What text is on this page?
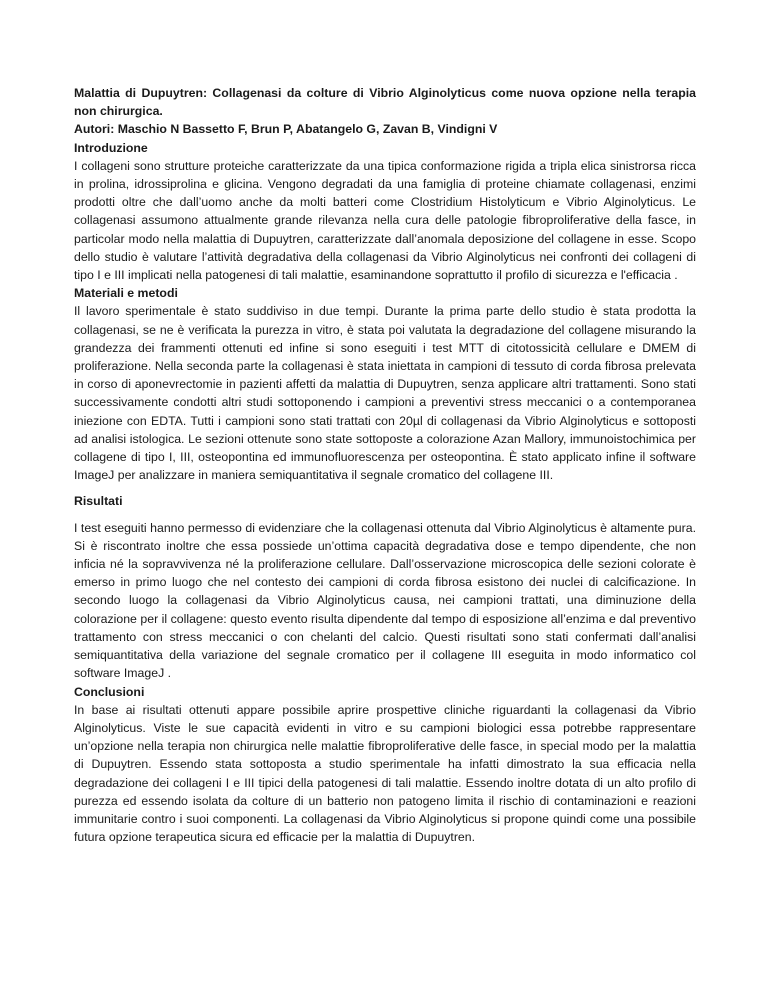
Malattia di Dupuytren: Collagenasi da colture di Vibrio Alginolyticus come nuova opzione nella terapia non chirurgica.

Autori: Maschio N Bassetto F, Brun P, Abatangelo G, Zavan B, Vindigni V

Introduzione

I collageni sono strutture proteiche caratterizzate da una tipica conformazione rigida a tripla elica sinistrorsa ricca in prolina, idrossiprolina e glicina. Vengono degradati da una famiglia di proteine chiamate collagenasi, enzimi prodotti oltre che dall’uomo anche da molti batteri come Clostridium Histolyticum e Vibrio Alginolyticus. Le collagenasi assumono attualmente grande rilevanza nella cura delle patologie fibroproliferative della fasce, in particolar modo nella malattia di Dupuytren, caratterizzate dall’anomala deposizione del collagene in esse. Scopo dello studio è valutare l’attività degradativa della collagenasi da Vibrio Alginolyticus nei confronti dei collageni di tipo I e III implicati nella patogenesi di tali malattie, esaminandone soprattutto il profilo di sicurezza e l'efficacia .

Materiali e metodi

Il lavoro sperimentale è stato suddiviso in due tempi. Durante la prima parte dello studio è stata prodotta la collagenasi, se ne è verificata la purezza in vitro, è stata poi valutata la degradazione del collagene misurando la grandezza dei frammenti ottenuti ed infine si sono eseguiti i test MTT di citotossicità cellulare e DMEM di proliferazione. Nella seconda parte la collagenasi è stata iniettata in campioni di tessuto di corda fibrosa prelevata in corso di aponevrectomie in pazienti affetti da malattia di Dupuytren, senza applicare altri trattamenti. Sono stati successivamente condotti altri studi sottoponendo i campioni a preventivi stress meccanici o a contemporanea iniezione con EDTA. Tutti i campioni sono stati trattati con 20µl di collagenasi da Vibrio Alginolyticus e sottoposti ad analisi istologica. Le sezioni ottenute sono state sottoposte a colorazione Azan Mallory, immunoistochimica per collagene di tipo I, III, osteopontina ed immunofluorescenza per osteopontina. È stato applicato infine il software ImageJ per analizzare in maniera semiquantitativa il segnale cromatico del collagene III.

Risultati

I test eseguiti hanno permesso di evidenziare che la collagenasi ottenuta dal Vibrio Alginolyticus è altamente pura. Si è riscontrato inoltre che essa possiede un’ottima capacità degradativa dose e tempo dipendente, che non inficia né la sopravvivenza né la proliferazione cellulare. Dall’osservazione microscopica delle sezioni colorate è emerso in primo luogo che nel contesto dei campioni di corda fibrosa esistono dei nuclei di calcificazione. In secondo luogo la collagenasi da Vibrio Alginolyticus causa, nei campioni trattati, una diminuzione della colorazione per il collagene: questo evento risulta dipendente dal tempo di esposizione all’enzima e dal preventivo trattamento con stress meccanici o con chelanti del calcio. Questi risultati sono stati confermati dall’analisi semiquantitativa della variazione del segnale cromatico per il collagene III eseguita in modo informatico col software ImageJ .

Conclusioni

In base ai risultati ottenuti appare possibile aprire prospettive cliniche riguardanti la collagenasi da Vibrio Alginolyticus. Viste le sue capacità evidenti in vitro e su campioni biologici essa potrebbe rappresentare un’opzione nella terapia non chirurgica nelle malattie fibroproliferative delle fasce, in special modo per la malattia di Dupuytren. Essendo stata sottoposta a studio sperimentale ha infatti dimostrato la sua efficacia nella degradazione dei collageni I e III tipici della patogenesi di tali malattie. Essendo inoltre dotata di un alto profilo di purezza ed essendo isolata da colture di un batterio non patogeno limita il rischio di contaminazioni e reazioni immunitarie contro i suoi componenti. La collagenasi da Vibrio Alginolyticus si propone quindi come una possibile futura opzione terapeutica sicura ed efficacie per la malattia di Dupuytren.
